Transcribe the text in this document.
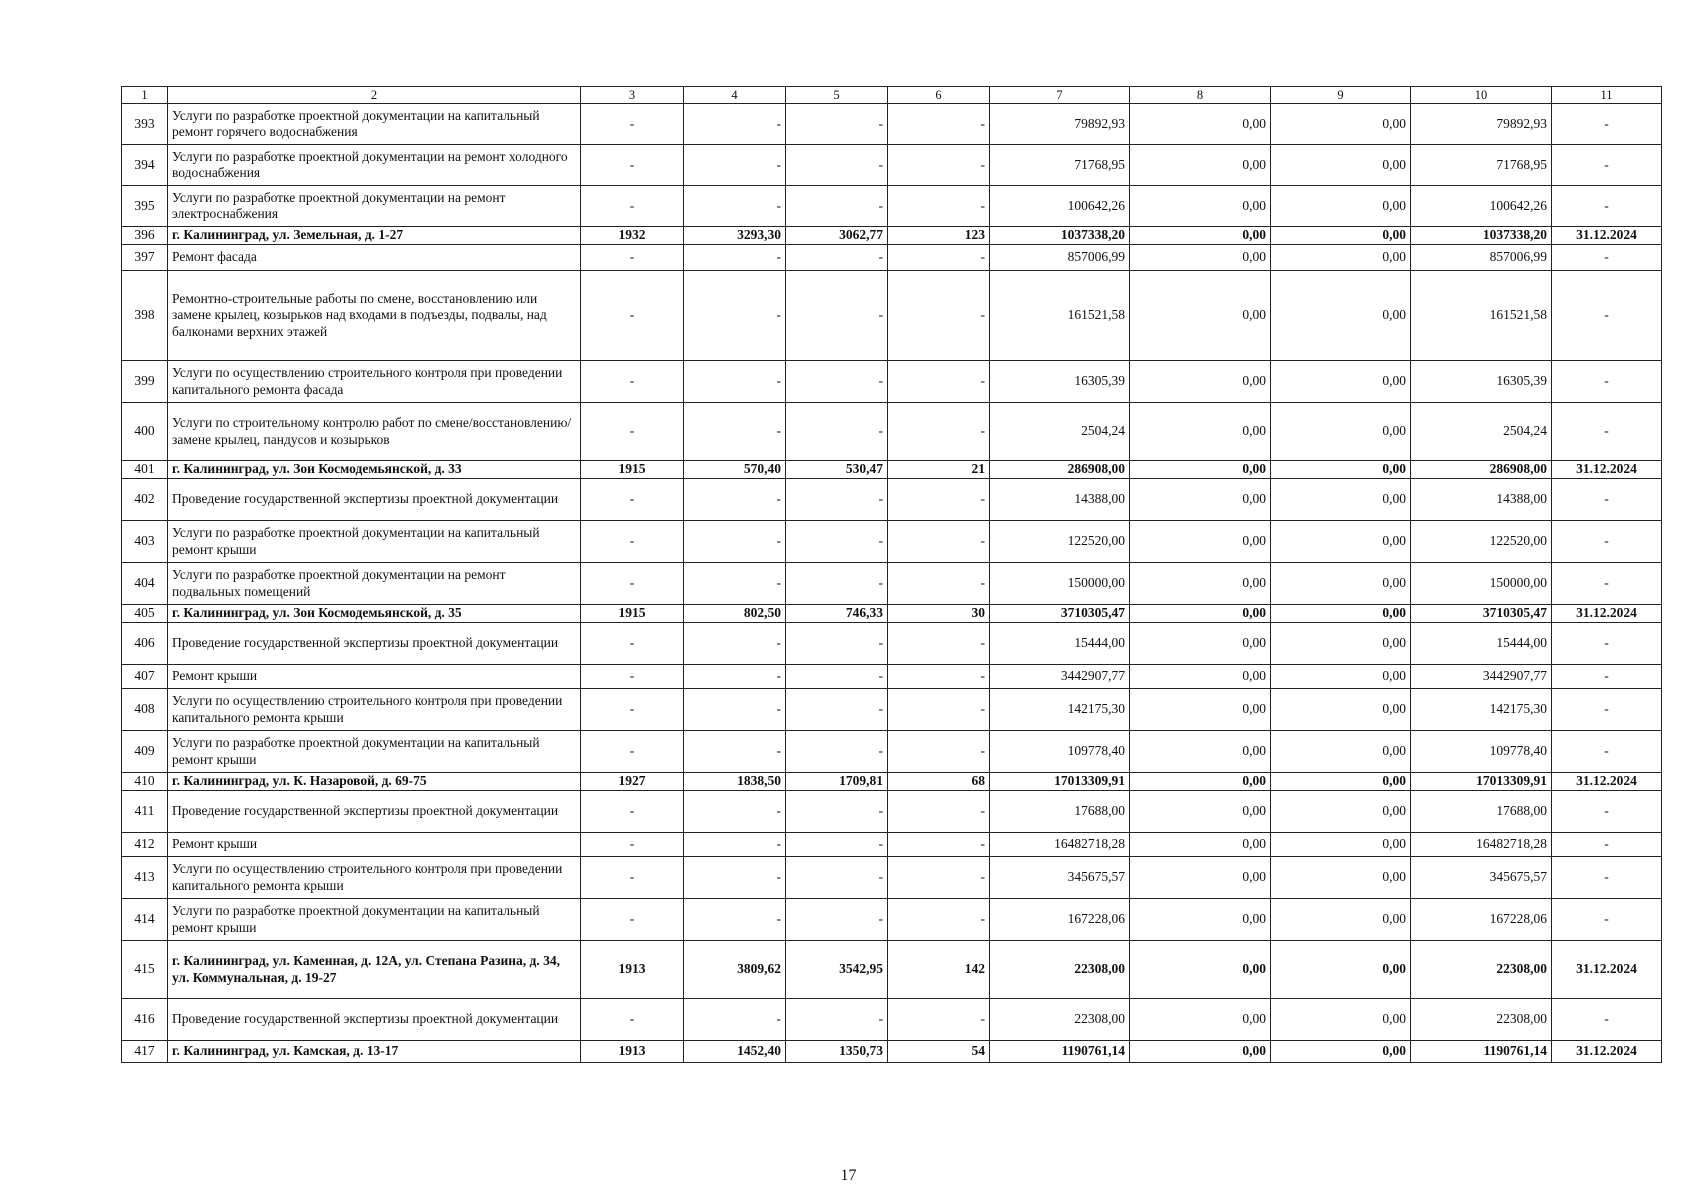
1	2	3	4	5	6	7	8	9	10	11
393	Услуги по разработке проектной документации на капитальный ремонт горячего водоснабжения	-	-	-	-	79892,93	0,00	0,00	79892,93	-
394	Услуги по разработке проектной документации на ремонт холодного водоснабжения	-	-	-	-	71768,95	0,00	0,00	71768,95	-
395	Услуги по разработке проектной документации на ремонт электроснабжения	-	-	-	-	100642,26	0,00	0,00	100642,26	-
396	г. Калининград, ул. Земельная, д. 1-27	1932	3293,30	3062,77	123	1037338,20	0,00	0,00	1037338,20	31.12.2024
397	Ремонт фасада	-	-	-	-	857006,99	0,00	0,00	857006,99	-
398	Ремонтно-строительные работы по смене, восстановлению или замене крылец, козырьков над входами в подъезды, подвалы, над балконами верхних этажей	-	-	-	-	161521,58	0,00	0,00	161521,58	-
399	Услуги по осуществлению строительного контроля при проведении капитального ремонта фасада	-	-	-	-	16305,39	0,00	0,00	16305,39	-
400	Услуги по строительному контролю работ по смене/восстановлению/замене крылец, пандусов и козырьков	-	-	-	-	2504,24	0,00	0,00	2504,24	-
401	г. Калининград, ул. Зои Космодемьянской, д. 33	1915	570,40	530,47	21	286908,00	0,00	0,00	286908,00	31.12.2024
402	Проведение государственной экспертизы проектной документации	-	-	-	-	14388,00	0,00	0,00	14388,00	-
403	Услуги по разработке проектной документации на капитальный ремонт крыши	-	-	-	-	122520,00	0,00	0,00	122520,00	-
404	Услуги по разработке проектной документации на ремонт подвальных помещений	-	-	-	-	150000,00	0,00	0,00	150000,00	-
405	г. Калининград, ул. Зои Космодемьянской, д. 35	1915	802,50	746,33	30	3710305,47	0,00	0,00	3710305,47	31.12.2024
406	Проведение государственной экспертизы проектной документации	-	-	-	-	15444,00	0,00	0,00	15444,00	-
407	Ремонт крыши	-	-	-	-	3442907,77	0,00	0,00	3442907,77	-
408	Услуги по осуществлению строительного контроля при проведении капитального ремонта крыши	-	-	-	-	142175,30	0,00	0,00	142175,30	-
409	Услуги по разработке проектной документации на капитальный ремонт крыши	-	-	-	-	109778,40	0,00	0,00	109778,40	-
410	г. Калининград, ул. К. Назаровой, д. 69-75	1927	1838,50	1709,81	68	17013309,91	0,00	0,00	17013309,91	31.12.2024
411	Проведение государственной экспертизы проектной документации	-	-	-	-	17688,00	0,00	0,00	17688,00	-
412	Ремонт крыши	-	-	-	-	16482718,28	0,00	0,00	16482718,28	-
413	Услуги по осуществлению строительного контроля при проведении капитального ремонта крыши	-	-	-	-	345675,57	0,00	0,00	345675,57	-
414	Услуги по разработке проектной документации на капитальный ремонт крыши	-	-	-	-	167228,06	0,00	0,00	167228,06	-
415	г. Калининград, ул. Каменная, д. 12А, ул. Степана Разина, д. 34, ул. Коммунальная, д. 19-27	1913	3809,62	3542,95	142	22308,00	0,00	0,00	22308,00	31.12.2024
416	Проведение государственной экспертизы проектной документации	-	-	-	-	22308,00	0,00	0,00	22308,00	-
417	г. Калининград, ул. Камская, д. 13-17	1913	1452,40	1350,73	54	1190761,14	0,00	0,00	1190761,14	31.12.2024
17
